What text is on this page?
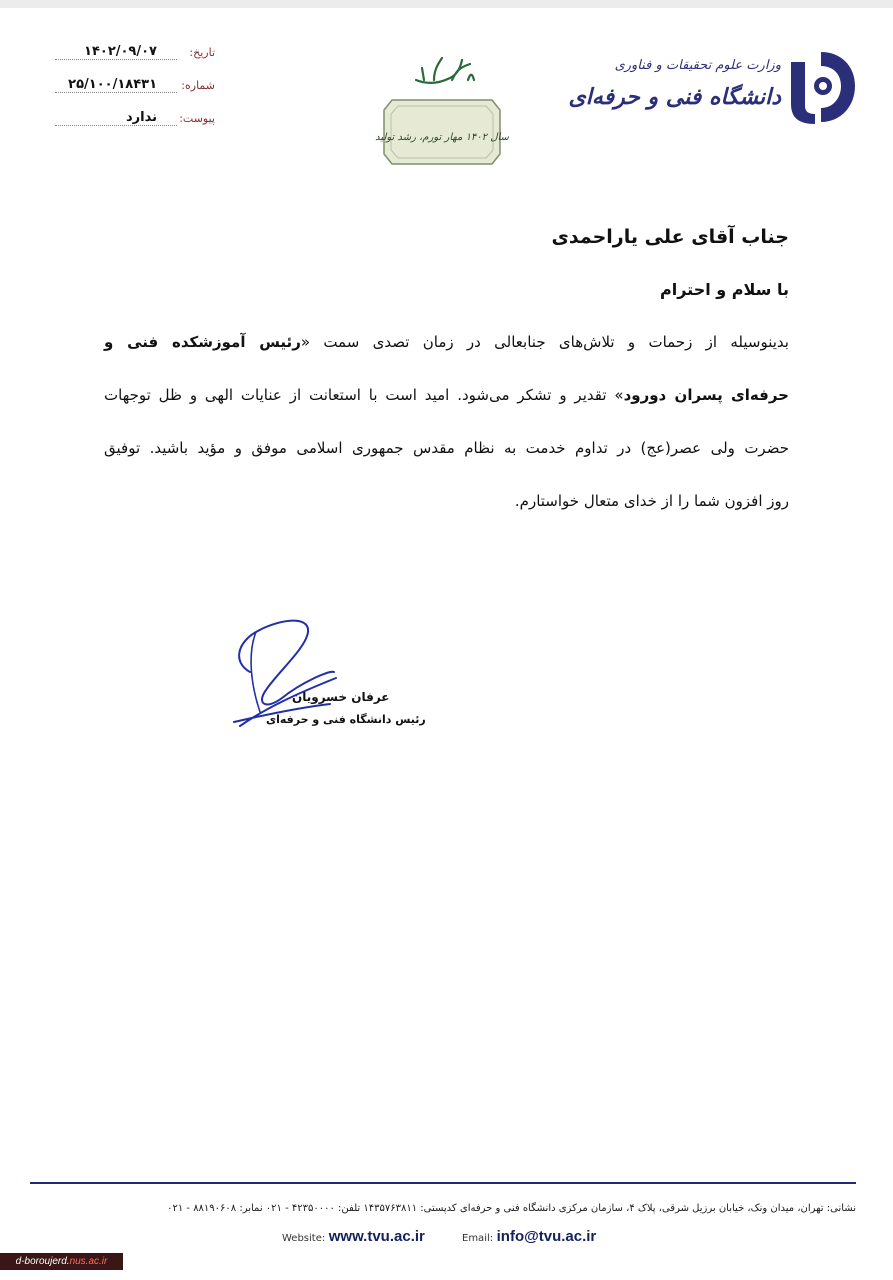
وزارت علوم تحقیقات و فناوری
دانشگاه فنی و حرفه‌ای
سال ۱۴۰۲ مهار تورم، رشد تولید
تاریخ:
۱۴۰۲/۰۹/۰۷
شماره:
۲۵/۱۰۰/۱۸۴۳۱
پیوست:
ندارد
جناب آقای علی یاراحمدی
با سلام و احترام
بدینوسیله از زحمات و تلاش‌های جنابعالی در زمان تصدی سمت «رئیس آموزشکده فنی و
حرفه‌ای پسران دورود» تقدیر و تشکر می‌شود. امید است با استعانت از عنایات الهی و ظل توجهات
حضرت ولی عصر(عج) در تداوم خدمت به نظام مقدس جمهوری اسلامی موفق و مؤید باشید. توفیق
روز افزون شما را از خدای متعال خواستارم.
عرفان خسرویان
رئیس دانشگاه فنی و حرفه‌ای
نشانی: تهران، میدان ونک، خیابان برزیل شرقی، پلاک ۴، سازمان مرکزی دانشگاه فنی و حرفه‌ای کدپستی: ۱۴۳۵۷۶۳۸۱۱ تلفن: ۴۲۳۵۰۰۰۰ - ۰۲۱ نمابر: ۸۸۱۹۰۶۰۸ - ۰۲۱
Website: www.tvu.ac.ir	Email: info@tvu.ac.ir
d-boroujerd.nus.ac.ir
